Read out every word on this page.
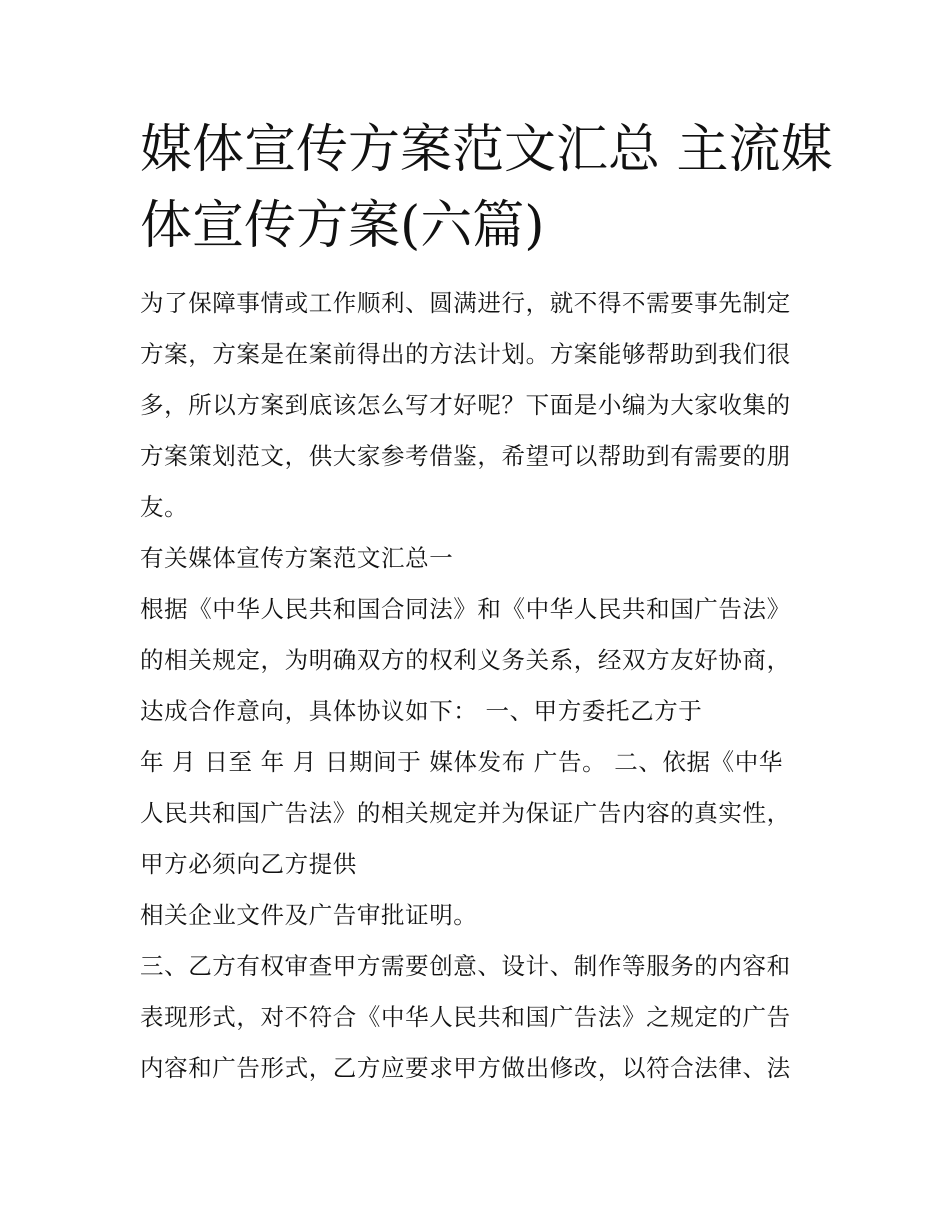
媒体宣传方案范文汇总 主流媒
体宣传方案(六篇)
为了保障事情或工作顺利、圆满进行，就不得不需要事先制定
方案，方案是在案前得出的方法计划。方案能够帮助到我们很
多，所以方案到底该怎么写才好呢？下面是小编为大家收集的
方案策划范文，供大家参考借鉴，希望可以帮助到有需要的朋
友。
有关媒体宣传方案范文汇总一
根据《中华人民共和国合同法》和《中华人民共和国广告法》
的相关规定，为明确双方的权利义务关系，经双方友好协商，
达成合作意向，具体协议如下： 一、甲方委托乙方于
年 月 日至 年 月 日期间于 媒体发布 广告。 二、依据《中华
人民共和国广告法》的相关规定并为保证广告内容的真实性，
甲方必须向乙方提供
相关企业文件及广告审批证明。
三、乙方有权审查甲方需要创意、设计、制作等服务的内容和
表现形式，对不符合《中华人民共和国广告法》之规定的广告
内容和广告形式，乙方应要求甲方做出修改，以符合法律、法
